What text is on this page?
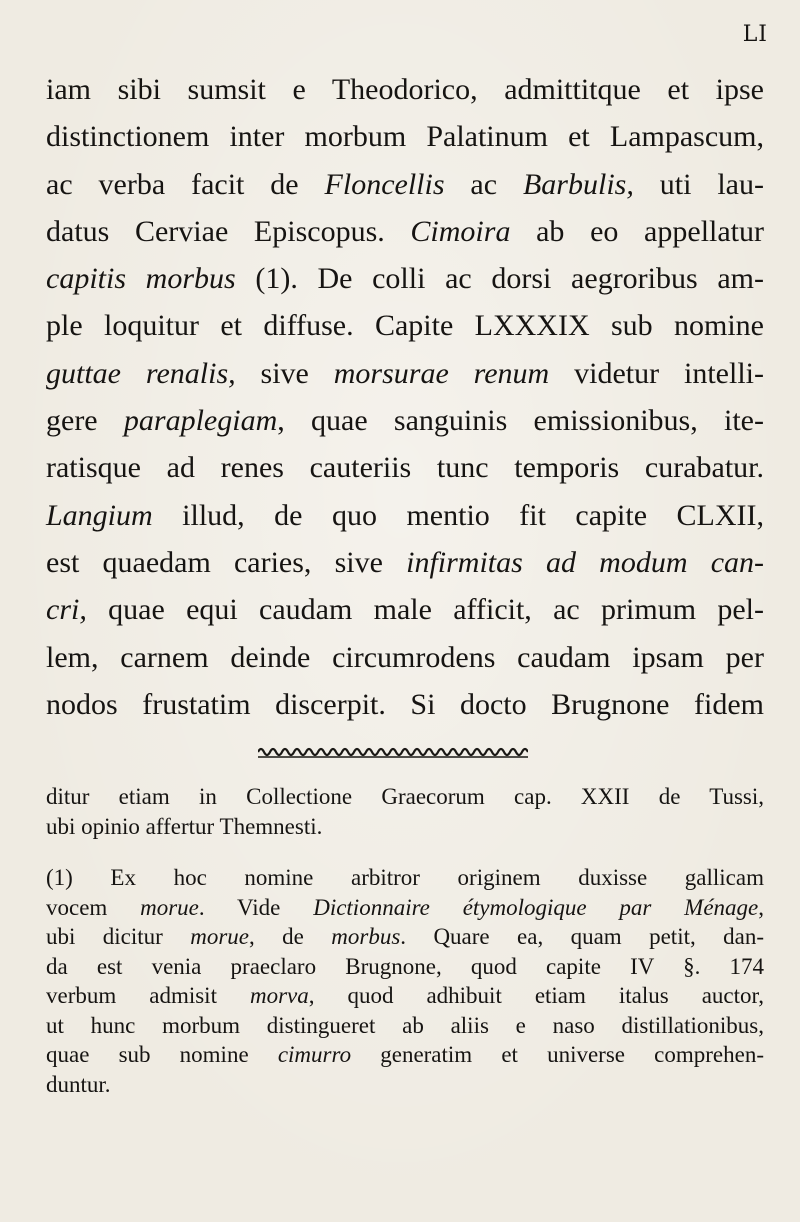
LI
iam sibi sumsit e Theodorico, admittitque et ipse
distinctionem inter morbum Palatinum et Lampascum,
ac verba facit de Floncellis ac Barbulis, uti lau-
datus Cerviae Episcopus. Cimoira ab eo appellatur
capitis morbus (1). De colli ac dorsi aegroribus am-
ple loquitur et diffuse. Capite LXXXIX sub nomine
guttae renalis, sive morsurae renum videtur intelli-
gere paraplegiam, quae sanguinis emissionibus, ite-
ratisque ad renes cauteriis tunc temporis curabatur.
Langium illud, de quo mentio fit capite CLXII,
est quaedam caries, sive infirmitas ad modum can-
cri, quae equi caudam male afficit, ac primum pel-
lem, carnem deinde circumrodens caudam ipsam per
nodos frustatim discerpit. Si docto Brugnone fidem
ditur etiam in Collectione Graecorum cap. XXII de Tussi,
ubi opinio affertur Themnesti.
(1) Ex hoc nomine arbitror originem duxisse gallicam
vocem morue. Vide Dictionnaire étymologique par Ménage,
ubi dicitur morue, de morbus. Quare ea, quam petit, dan-
da est venia praeclaro Brugnone, quod capite IV §. 174
verbum admisit morva, quod adhibuit etiam italus auctor,
ut hunc morbum distingueret ab aliis e naso distillationibus,
quae sub nomine cimurro generatim et universe comprehen-
duntur.
